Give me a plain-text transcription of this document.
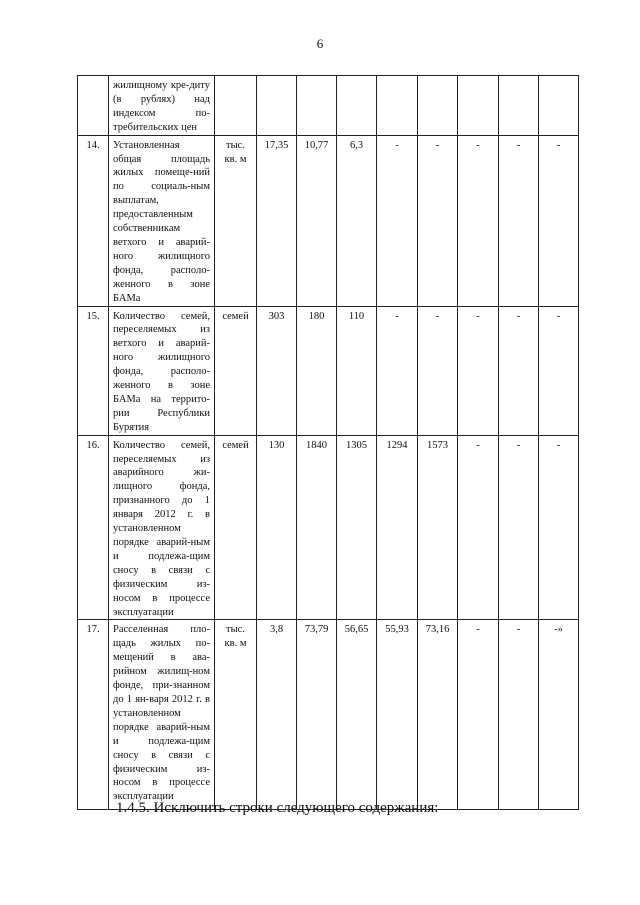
6
	жилищному кре-диту (в рублях) над индексом по-требительских цен									
14.	Установленная общая площадь жилых помеще-ний по социаль-ным выплатам, предоставленным собственникам ветхого и аварий-ного жилищного фонда, располо-женного в зоне БАМа	тыс. кв. м	17,35	10,77	6,3	-	-	-	-	-
15.	Количество семей, переселяемых из ветхого и аварий-ного жилищного фонда, располо-женного в зоне БАМа на террито-рии Республики Бурятия	семей	303	180	110	-	-	-	-	-
16.	Количество семей, переселяемых из аварийного жи-лищного фонда, признанного до 1 января 2012 г. в установленном порядке аварий-ным и подлежа-щим сносу в связи с физическим из-носом в процессе эксплуатации	семей	130	1840	1305	1294	1573	-	-	-
17.	Расселенная пло-щадь жилых по-мещений в ава-рийном жилищ-ном фонде, при-знанном до 1 ян-варя 2012 г. в установленном порядке аварий-ным и подлежа-щим сносу в связи с физическим из-носом в процессе эксплуатации	тыс. кв. м	3,8	73,79	56,65	55,93	73,16	-	-	-»
1.4.5. Исключить строки следующего содержания:
